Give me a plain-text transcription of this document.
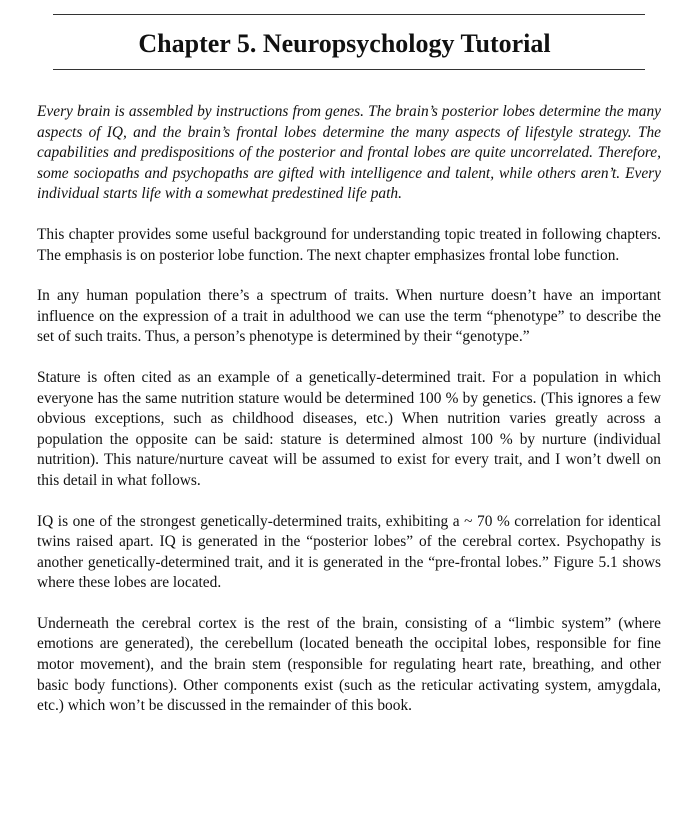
Chapter 5. Neuropsychology Tutorial

Every brain is assembled by instructions from genes. The brain’s posterior lobes determine the many aspects of IQ, and the brain’s frontal lobes determine the many aspects of lifestyle strategy. The capabilities and predispositions of the posterior and frontal lobes are quite uncorrelated. Therefore, some sociopaths and psychopaths are gifted with intelligence and talent, while others aren’t. Every individual starts life with a somewhat predestined life path.

This chapter provides some useful background for understanding topic treated in following chapters. The emphasis is on posterior lobe function. The next chapter emphasizes frontal lobe function.

In any human population there’s a spectrum of traits. When nurture doesn’t have an important influence on the expression of a trait in adulthood we can use the term “phenotype” to describe the set of such traits. Thus, a person’s phenotype is determined by their “genotype.”

Stature is often cited as an example of a genetically-determined trait. For a population in which everyone has the same nutrition stature would be determined 100 % by genetics. (This ignores a few obvious exceptions, such as childhood diseases, etc.) When nutrition varies greatly across a population the opposite can be said: stature is determined almost 100 % by nurture (individual nutrition). This nature/nurture caveat will be assumed to exist for every trait, and I won’t dwell on this detail in what follows.

IQ is one of the strongest genetically-determined traits, exhibiting a ~ 70 % correlation for identical twins raised apart. IQ is generated in the “posterior lobes” of the cerebral cortex. Psychopathy is another genetically-determined trait, and it is generated in the “pre-frontal lobes.” Figure 5.1 shows where these lobes are located.

Underneath the cerebral cortex is the rest of the brain, consisting of a “limbic system” (where emotions are generated), the cerebellum (located beneath the occipital lobes, responsible for fine motor movement), and the brain stem (responsible for regulating heart rate, breathing, and other basic body functions). Other components exist (such as the reticular activating system, amygdala, etc.) which won’t be discussed in the remainder of this book.
